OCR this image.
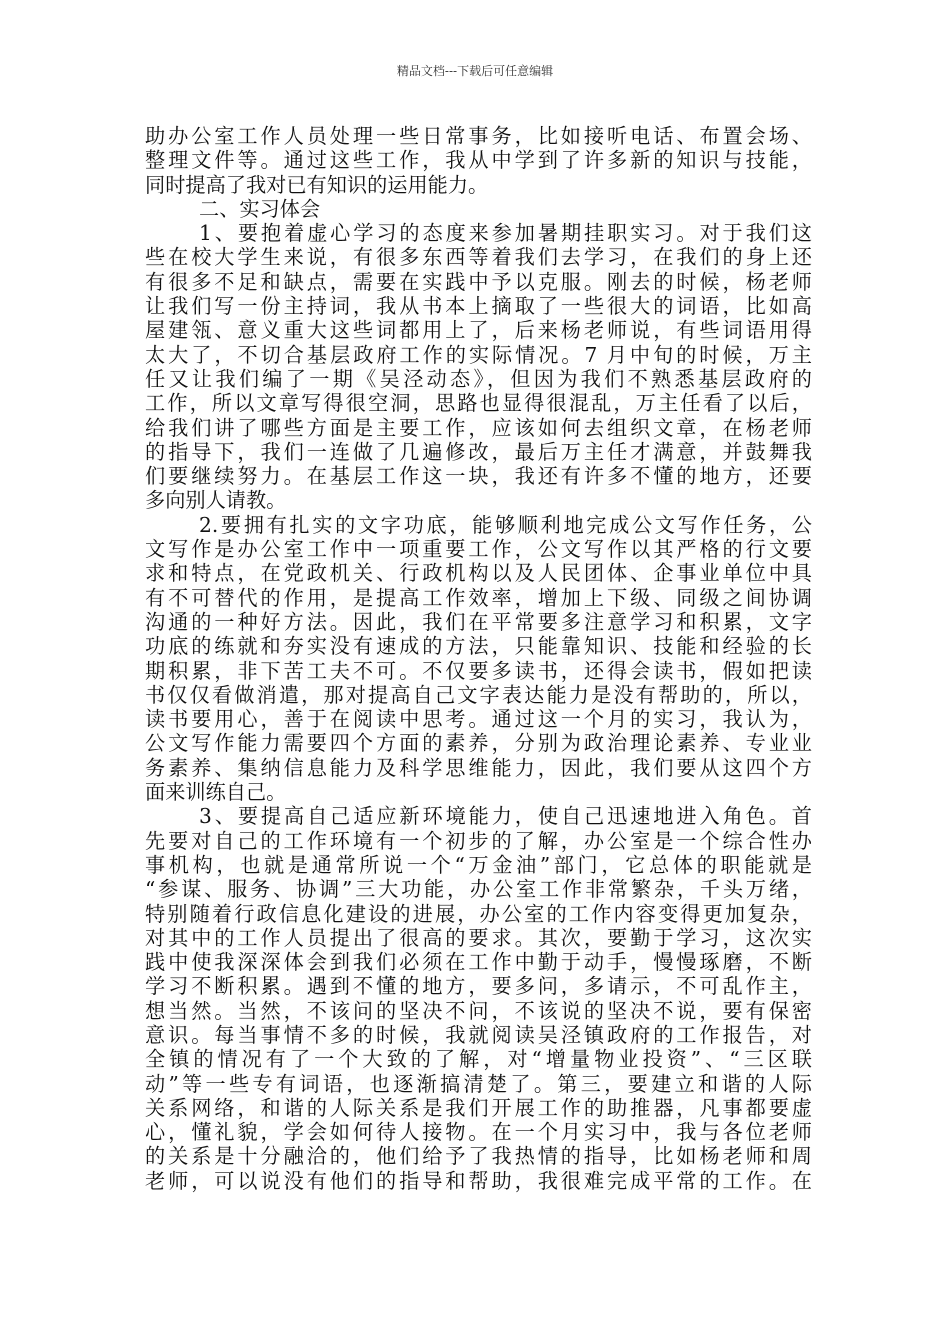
精品文档---下载后可任意编辑
助办公室工作人员处理一些日常事务，比如接听电话、布置会场、
整理文件等。通过这些工作，我从中学到了许多新的知识与技能，
同时提高了我对已有知识的运用能力。
二、实习体会
1、要抱着虚心学习的态度来参加暑期挂职实习。对于我们这
些在校大学生来说，有很多东西等着我们去学习，在我们的身上还
有很多不足和缺点，需要在实践中予以克服。刚去的时候，杨老师
让我们写一份主持词，我从书本上摘取了一些很大的词语，比如高
屋建瓴、意义重大这些词都用上了，后来杨老师说，有些词语用得
太大了，不切合基层政府工作的实际情况。7 月中旬的时候，万主
任又让我们编了一期《吴泾动态》，但因为我们不熟悉基层政府的
工作，所以文章写得很空洞，思路也显得很混乱，万主任看了以后，
给我们讲了哪些方面是主要工作，应该如何去组织文章，在杨老师
的指导下，我们一连做了几遍修改，最后万主任才满意，并鼓舞我
们要继续努力。在基层工作这一块，我还有许多不懂的地方，还要
多向别人请教。
2.要拥有扎实的文字功底，能够顺利地完成公文写作任务，公
文写作是办公室工作中一项重要工作，公文写作以其严格的行文要
求和特点，在党政机关、行政机构以及人民团体、企事业单位中具
有不可替代的作用，是提高工作效率，增加上下级、同级之间协调
沟通的一种好方法。因此，我们在平常要多注意学习和积累，文字
功底的练就和夯实没有速成的方法，只能靠知识、技能和经验的长
期积累，非下苦工夫不可。不仅要多读书，还得会读书，假如把读
书仅仅看做消遣，那对提高自己文字表达能力是没有帮助的，所以，
读书要用心，善于在阅读中思考。通过这一个月的实习，我认为，
公文写作能力需要四个方面的素养，分别为政治理论素养、专业业
务素养、集纳信息能力及科学思维能力，因此，我们要从这四个方
面来训练自己。
3、要提高自己适应新环境能力，使自己迅速地进入角色。首
先要对自己的工作环境有一个初步的了解，办公室是一个综合性办
事机构，也就是通常所说一个“万金油”部门，它总体的职能就是
“参谋、服务、协调”三大功能，办公室工作非常繁杂，千头万绪，
特别随着行政信息化建设的进展，办公室的工作内容变得更加复杂，
对其中的工作人员提出了很高的要求。其次，要勤于学习，这次实
践中使我深深体会到我们必须在工作中勤于动手，慢慢琢磨，不断
学习不断积累。遇到不懂的地方，要多问，多请示，不可乱作主，
想当然。当然，不该问的坚决不问，不该说的坚决不说，要有保密
意识。每当事情不多的时候，我就阅读吴泾镇政府的工作报告，对
全镇的情况有了一个大致的了解，对“增量物业投资”、“三区联
动”等一些专有词语，也逐渐搞清楚了。第三，要建立和谐的人际
关系网络，和谐的人际关系是我们开展工作的助推器，凡事都要虚
心，懂礼貌，学会如何待人接物。在一个月实习中，我与各位老师
的关系是十分融洽的，他们给予了我热情的指导，比如杨老师和周
老师，可以说没有他们的指导和帮助，我很难完成平常的工作。在
